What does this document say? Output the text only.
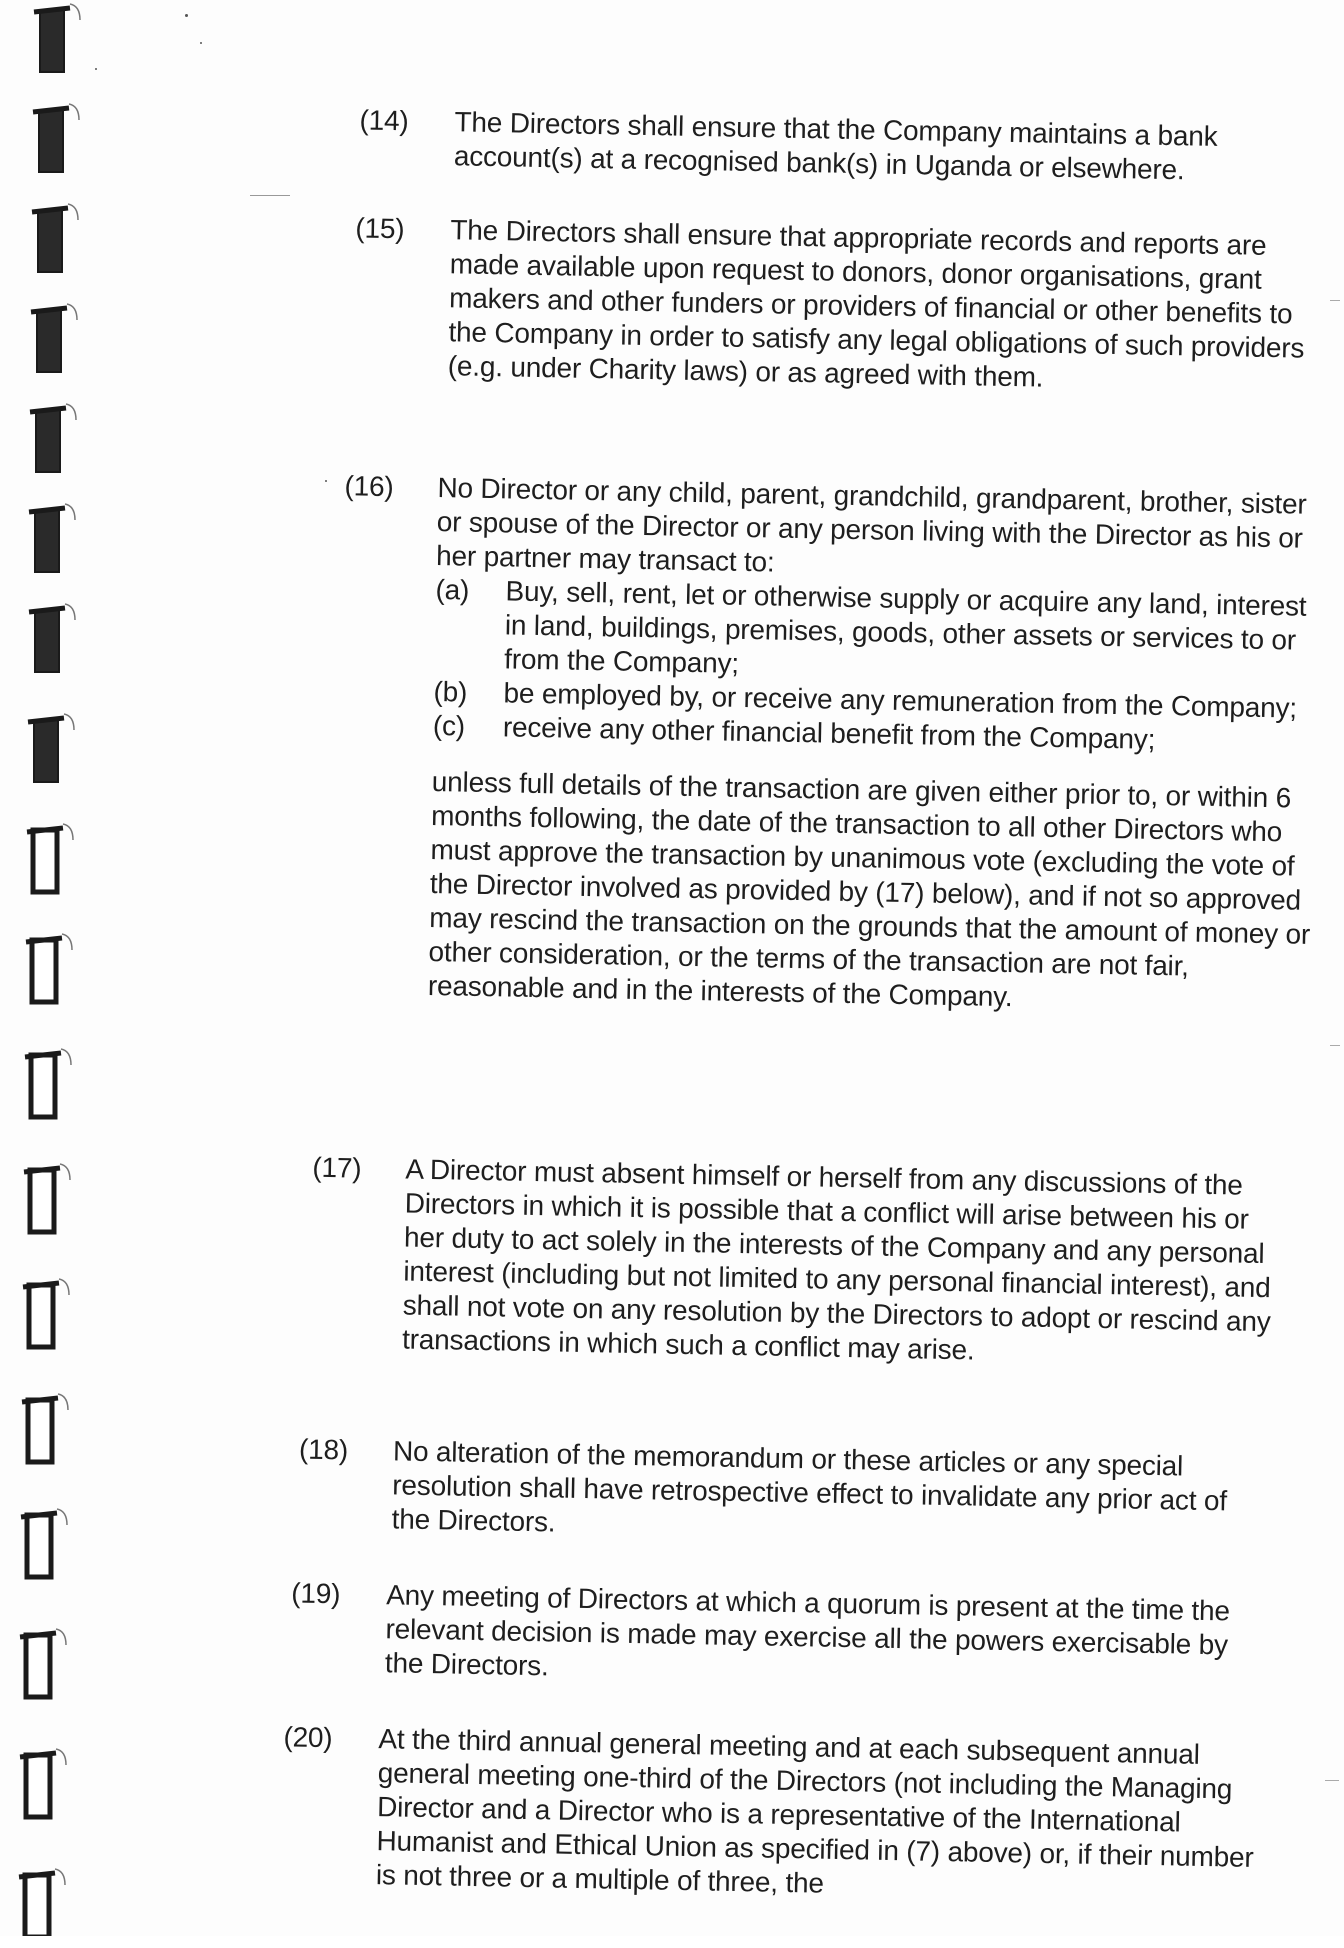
(14)	The Directors shall ensure that the Company maintains a bank account(s) at a recognised bank(s) in Uganda or elsewhere.

(15)	The Directors shall ensure that appropriate records and reports are made available upon request to donors, donor organisations, grant makers and other funders or providers of financial or other benefits to the Company in order to satisfy any legal obligations of such providers (e.g. under Charity laws) or as agreed with them.

(16)	No Director or any child, parent, grandchild, grandparent, brother, sister or spouse of the Director or any person living with the Director as his or her partner may transact to:

(a) Buy, sell, rent, let or otherwise supply or acquire any land, interest in land, buildings, premises, goods, other assets or services to or from the Company;

(b) be employed by, or receive any remuneration from the Company;

(c) receive any other financial benefit from the Company;

unless full details of the transaction are given either prior to, or within 6 months following, the date of the transaction to all other Directors who must approve the transaction by unanimous vote (excluding the vote of the Director involved as provided by (17) below), and if not so approved may rescind the transaction on the grounds that the amount of money or other consideration, or the terms of the transaction are not fair, reasonable and in the interests of the Company.

(17)	A Director must absent himself or herself from any discussions of the Directors in which it is possible that a conflict will arise between his or her duty to act solely in the interests of the Company and any personal interest (including but not limited to any personal financial interest), and shall not vote on any resolution by the Directors to adopt or rescind any transactions in which such a conflict may arise.

(18)	No alteration of the memorandum or these articles or any special resolution shall have retrospective effect to invalidate any prior act of the Directors.

(19)	Any meeting of Directors at which a quorum is present at the time the relevant decision is made may exercise all the powers exercisable by the Directors.

(20)	At the third annual general meeting and at each subsequent annual general meeting one-third of the Directors (not including the Managing Director and a Director who is a representative of the International Humanist and Ethical Union as specified in (7) above) or, if their number is not three or a multiple of three, the
